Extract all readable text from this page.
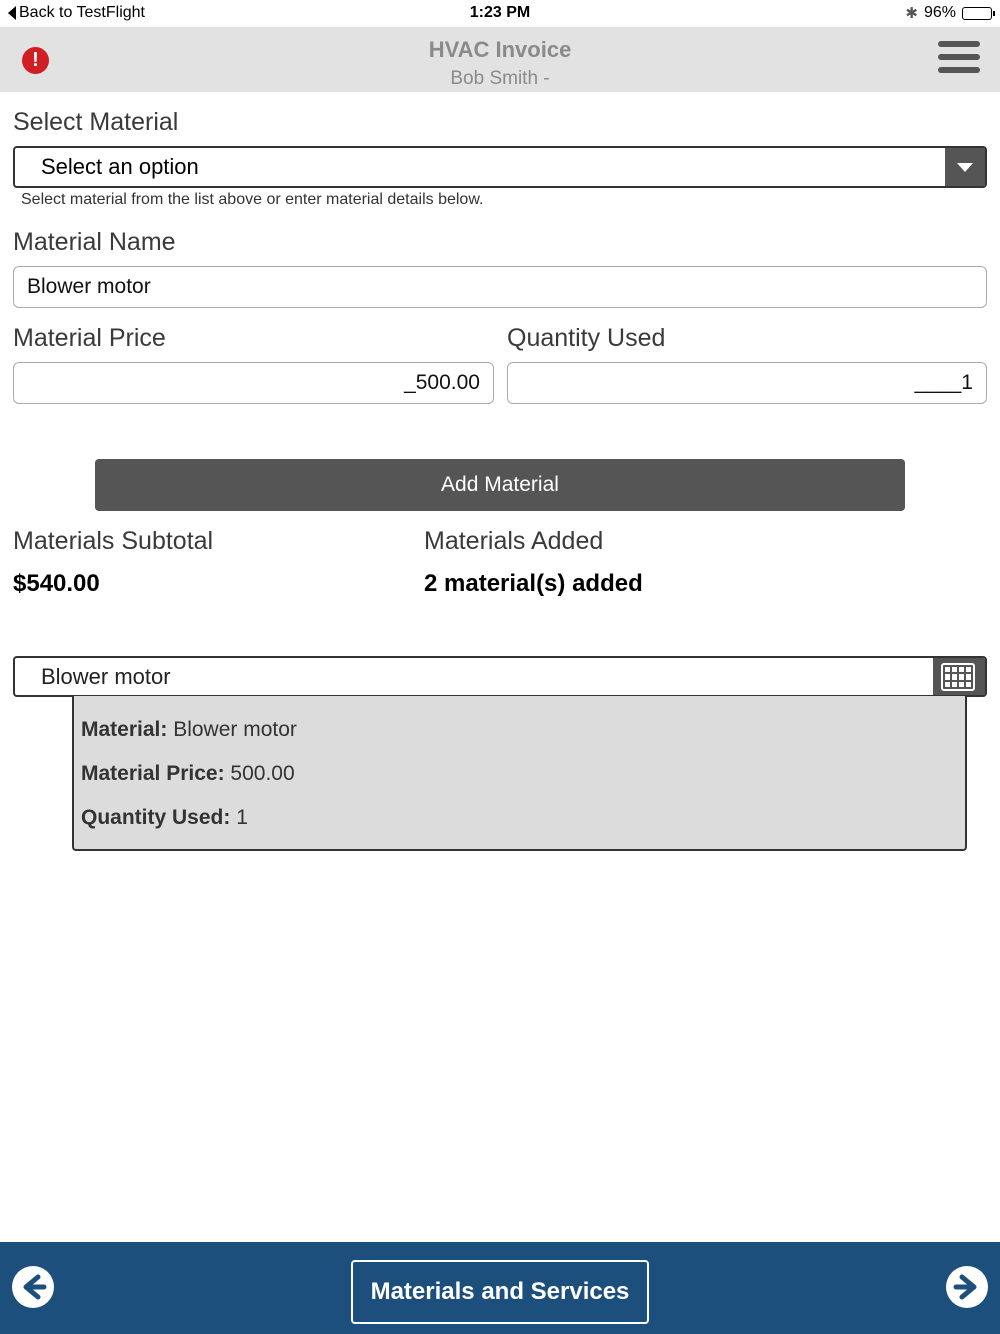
Back to TestFlight	1:23 PM	✱ 96%
!	HVAC Invoice
Bob Smith -
Select Material
Select an option
Select material from the list above or enter material details below.
Material Name
Blower motor
Material Price	Quantity Used
_500.00	____1
Add Material
Materials Subtotal
$540.00
Materials Added
2 material(s) added
Blower motor
Material: Blower motor
Material Price: 500.00
Quantity Used: 1
Materials and Services
